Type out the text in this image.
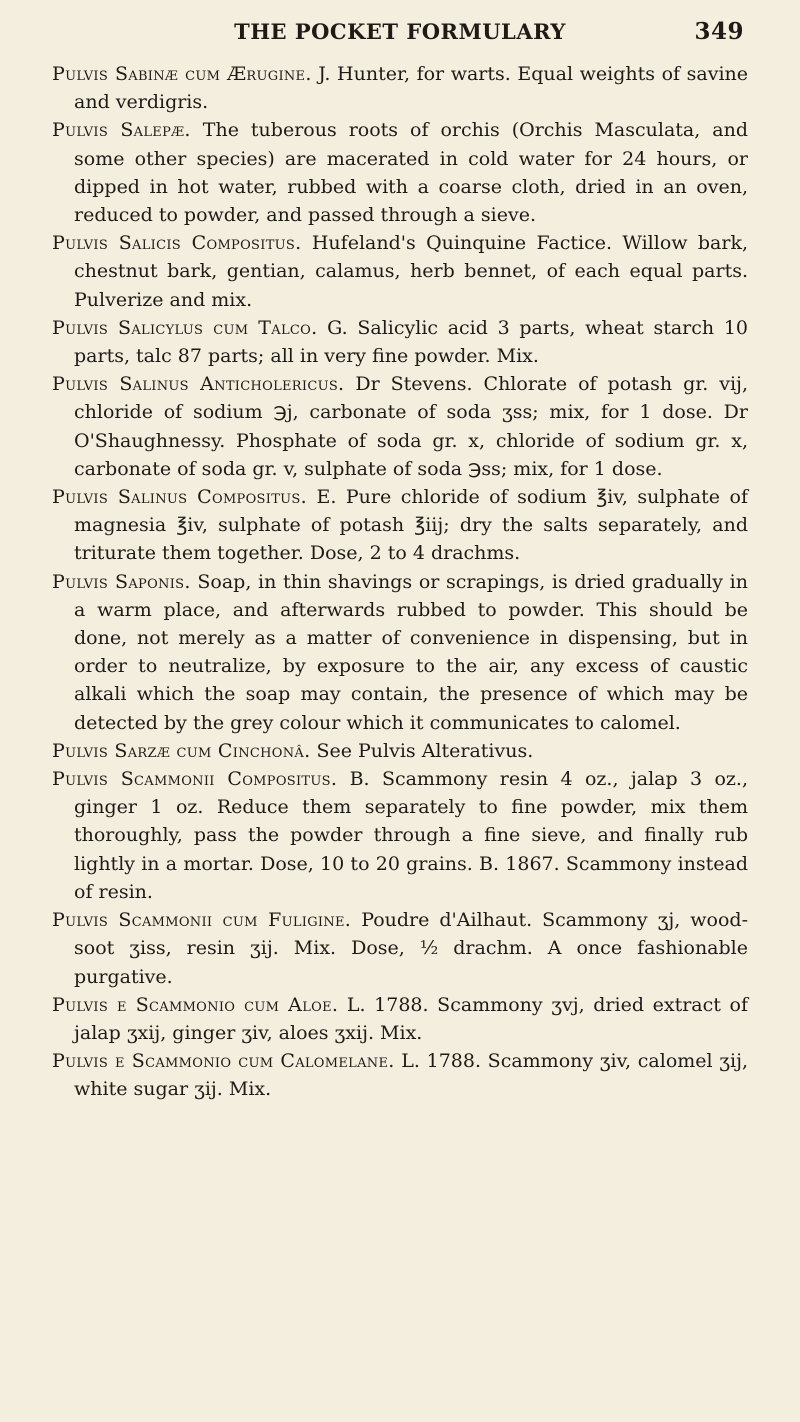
THE POCKET FORMULARY	349

Pulvis Sabinæ cum Ærugine. J. Hunter, for warts. Equal weights of savine and verdigris.

Pulvis Salepæ. The tuberous roots of orchis (Orchis Masculata, and some other species) are macerated in cold water for 24 hours, or dipped in hot water, rubbed with a coarse cloth, dried in an oven, reduced to powder, and passed through a sieve.

Pulvis Salicis Compositus. Hufeland's Quinquine Factice. Willow bark, chestnut bark, gentian, calamus, herb bennet, of each equal parts. Pulverize and mix.

Pulvis Salicylus cum Talco. G. Salicylic acid 3 parts, wheat starch 10 parts, talc 87 parts; all in very fine powder. Mix.

Pulvis Salinus Anticholericus. Dr Stevens. Chlorate of potash gr. vij, chloride of sodium ℈j, carbonate of soda ʒss; mix, for 1 dose. Dr O'Shaughnessy. Phosphate of soda gr. x, chloride of sodium gr. x, carbonate of soda gr. v, sulphate of soda ℈ss; mix, for 1 dose.

Pulvis Salinus Compositus. E. Pure chloride of sodium ℥iv, sulphate of magnesia ℥iv, sulphate of potash ℥iij; dry the salts separately, and triturate them together. Dose, 2 to 4 drachms.

Pulvis Saponis. Soap, in thin shavings or scrapings, is dried gradually in a warm place, and afterwards rubbed to powder. This should be done, not merely as a matter of convenience in dispensing, but in order to neutralize, by exposure to the air, any excess of caustic alkali which the soap may contain, the presence of which may be detected by the grey colour which it communicates to calomel.

Pulvis Sarzæ cum Cinchonâ. See Pulvis Alterativus.

Pulvis Scammonii Compositus. B. Scammony resin 4 oz., jalap 3 oz., ginger 1 oz. Reduce them separately to fine powder, mix them thoroughly, pass the powder through a fine sieve, and finally rub lightly in a mortar. Dose, 10 to 20 grains. B. 1867. Scammony instead of resin.

Pulvis Scammonii cum Fuligine. Poudre d'Ailhaut. Scammony ʒj, wood-soot ʒiss, resin ʒij. Mix. Dose, ½ drachm. A once fashionable purgative.

Pulvis e Scammonio cum Aloe. L. 1788. Scammony ʒvj, dried extract of jalap ʒxij, ginger ʒiv, aloes ʒxij. Mix.

Pulvis e Scammonio cum Calomelane. L. 1788. Scammony ʒiv, calomel ʒij, white sugar ʒij. Mix.
